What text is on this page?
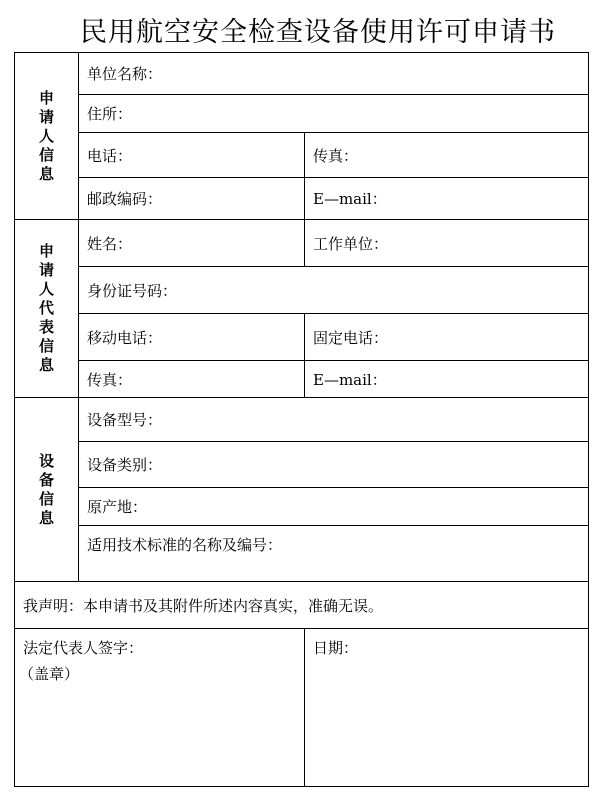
民用航空安全检查设备使用许可申请书
申请人信息	单位名称：	
	住所：	
	电话：	传真：
	邮政编码：	E—mail：
申请人代表信息	姓名：	工作单位：
	身份证号码：	
	移动电话：	固定电话：
	传真：	E—mail：
设备信息	设备型号：	
	设备类别：	
	原产地：	
	适用技术标准的名称及编号：	
我声明：本申请书及其附件所述内容真实，准确无误。		

法定代表人签字：
（盖章）		日期：
